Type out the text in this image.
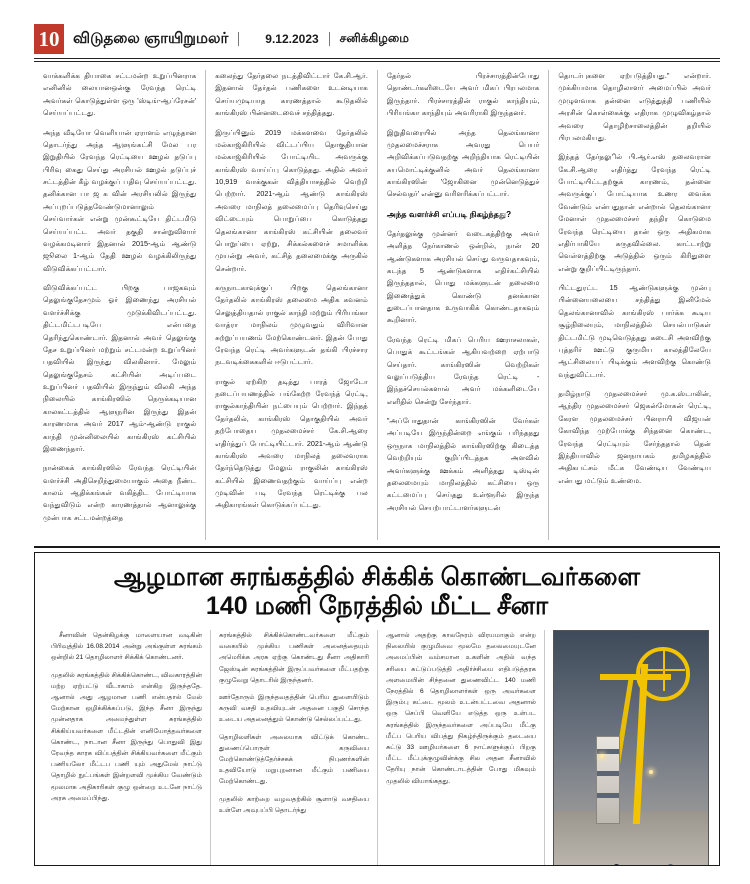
10 விடுதலை ஞாயிறுமலர்	9.12.2023 சனிக்கிழமை

வாக்களிக்க தியாகை சட்டமன்ற உறுப்பினராக எனினில் லையானஒன்கு ரேவந்த ரெட்டி அவர்கள் கொடுத்துள்ள ஒரு 'ஸ்டிங்-ஆப்ரேசன்' செய்யப்பட்டது.

அந்த வீடியோ வெளியான் ஏராளம் எழுந்தான தொடர்ந்து அந்த ஆளுங்கட்சி மேல பர இறுதியில் ரேவந்த ரெட்டியை ஊழல் தடுப்பு பிரிவு கைது செய்து அரசியல் ஊழல் தடுப்புச் சட்டத்தின் கீழ் வழக்குப் பதிவு செய்யப்பட்டது. தனிக்கான பா ஜ க வின் அரசியலில் இருந்து அப்புறப்படுத்தவேண்டுமானாலும் செய்வார்கள் என்று முன்கூட்டியே திட்டமிடு செய்யப்பட்ட அவர் தகுதி சான்றுவிளார் வழக்கமடினார் இதனால் 2015-ஆம் ஆண்டு ஜூலை 1-ஆம் தேதி ஊழல் வழக்கிலிருந்து விடுவிக்கப்பட்டார்.

விடுவிக்கப்பட்ட பிறகு பாஜகவும் தெலுங்குதேசமும் ஓர் இணைந்து அரசியல் வளர்ச்சிக்கு முடுக்கிவிடப்பட்டது. திட்டமிட்டபடியே என்பதை தெரிந்துகொண்டார். இதனால் அவர் தெலுங்கு தேச உறுப்பினர் மற்றும் சட்டமன்ற உறுப்பினர் பதவியில் இருந்து விலகினார். மேலும் தெலுங்குதேசம் கட்சியின் அடிப்படை உறுப்பினர் பதவியில் இருந்தும் விலகி அந்த நிலையில் காங்கிரஸில் நெருக்கடியான காலகட்டத்தில் ஆளுநரின இருந்து இதன் காரணமாக அவர் 2017 ஆம்-ஆண்டு ராகுல் காந்தி முன்னிலையில் காங்கிரஸ் கட்சியில் இணைந்தார்.

நான்கைக் காங்கிரஸில் ரேவந்த ரெட்டியின் வளர்ச்சி அதிசெறிந்துமையாகும் அதை நீண்ட காலம் ஆதிக்கங்கள் வகித்திட போட்டியாக வந்துவிடும் என்ற காரணத்தால் ஆனாலுக்கு முன்பாக சட்டமன்றத்தை

கலைந்து தேர்தலை நடத்திவிட்டார் கே.சி.ஆர். இதனால் தேர்தல் பணிகளை உடனடியாக செய்யமுடியாத காரணத்தால் கூடுதலில் காங்கிரஸ் பின்னடைவைச் சந்தித்தது.

இருப்பினும் 2019 மக்களவை தேர்தலில் மல்காஜ்கிரியில் விட்டப்பிய தொகுதியான மல்காஜ்கிரியில் போட்டியிட அவருக்கு காங்கிரஸ் வாய்ப்பு கொடுத்தது. அதில் அவர் 10,919 வாக்குகள் வித்தியாசத்தில் வெற்றி பெற்றார். 2021-ஆம் ஆண்டு காங்கிரஸ் அவரை மாநிலத் தலைமைப்பு தெரிவுசெய்து விட்டையும் பொறுப்பை கொடுத்தது தெலங்கானா காங்கிரஸ் கட்சியின் தலைவர் பொறுப்பை ஏற்று, சிக்கல்களைச் சமாளிக்க முயன்று அவர், கட்சித் தலைமைக்கு அருகில் சென்றார்.

கருநாடகாவுக்குப் பிறகு தெலங்கானா தேர்தலில் காங்கிரஸ் தலைமை அதிக கவனம் செலுத்தியதால் ராகுல் காந்தி மற்றும் பிரியங்கா வாத்ரா மாநிலம் முழுவதும் விரிவான சுற்றுப்பயணம் மேற்கொண்டனர். இதன் போது ரேவந்த ரெட்டி அவர்களுடன் தங்கி பிரச்சார நடவடிக்கைகளில் ஈடுபட்டார்.

ராகுல் ஏற்கிற தடித்து பாரத் ஜோடோ நடைப்பயணத்தில் பங்கேற்ற ரேவந்த் ரெட்டி, ராகுல்காந்தியின் நட்பையும் பெற்றார். இந்தத் தேர்தலில், காங்கிரஸ் தொகுதியில் அவர் தற்போதைய முதலமைச்சர் கே.சி.ஆரை எதிர்த்துப் போட்டியிட்டார். 2021-ஆம் ஆண்டு காங்கிரஸ் அவரை மாநிலத் தலைவராக தேர்ந்தெடுத்து மேலும் ராகுலின் காங்கிரஸ் கட்சியில் இணைவதற்கும் வாய்ப்பு என்ற முடிவின் படி ரேவந்த ரெட்டிக்கு பல அதிகாரங்கள் கொடுக்கப்பட்டது.

தேர்தல் பிரச்சாரத்தின்போது தொண்டர்களிடையே அவர் மிகப் பிரபலமாக இருந்தார். பிரச்சாரத்தின் ராகுல் காந்தியும், பிரியங்கா காந்தியும் அவரிராகி இருந்தனர்.

இறுதிவரையில் அந்த தெலங்கானா முதலமைச்சராக அவரது பெயர் அறிவிக்கப்படுவதற்கு அறிந்தியாக ரெட்டியின் சுயமொட்டிக்குனில் அவர் தெலங்கானா காங்கிரஸின் 'ஜோகினை முன்னெடுத்துச் செல்வதர்' என்னு வரிளரிக்கப்பட்டார்.

அந்த வளர்ச்சி எப்படி நிகழ்ந்தது?

தேர்தலுக்கு முன்னர் வடைகத்திற்கு அவர் அளித்த நேர்காணல் ஒன்றில், நான் 20 ஆண்டுகளாக அரசியல் செய்து வருவதாகவும், கடந்த 5 ஆண்டுகளாக எதிர்கட்சியில் இருந்ததால், பொது மக்களுடன் தலைமை இணைத்துக் கொண்டு தனக்கான துடைப்பானதாக உருவாகிக் கொண்டதாகவும் கூறினார்.

ரேவந்த ரெட்டி மிகப் பெரிய ஊராசலாகள், பொதுக் கூட்டங்கள் ஆகியவற்றை ஏற்பாடு செய்தார். காங்கிரஸின் வெற்றிகள் வலுப்படுத்திய ரேவந்த ரெட்டி - இந்தச்செயல்களால் அவர் மக்களிடையே எளிதில் சென்று சேர்ந்தார்.

"அப்போதுதான் காங்கிரஸின் வேர்கள் அப்படியே இருந்தின்றை எங்கும் பரிந்ததது ஒருநாக மாநிலத்தில் காங்கிரஸிற்கு கிடைத்த வெற்றியும் குறிப்பிடத்தக அளவில் அவர்களுக்கு ஊக்கம் அளித்தது டிஸ்டின் தலைமையும் மாநிலத்தில் கட்சியை ஒரு கட்டமைப்பு செய்தது உள்ளூரில் இருந்த அரசியல் செயற்பாட்டாளர்களுடன்

தொடர்புகளை ஏற்படுத்தியது." என்றார். முக்கியமாக தொழிலாளர் அமைப்பில் அவர் முழுளவாக தன்னை எடுத்துத்தி பணியில் அரசின் கொள்கைக்கு எதிராக முழுவிகழ்தால் அவரை தொழிற்சாலைத்தின் தறியில் பிரபலமகியது.

இந்தத் தேர்தலுில் பி.ஆர்.எஸ் தலைவரான கே.சி.ஆரை எதிர்த்து ரேவந்த ரெட்டி போட்டியிட்டதற்குக் காரணம், தன்னை அவருக்குப் போட்டியாக உணர வைக்க வேண்டும் என்பதுதான் என்றால் தெலங்கானா மேனாள் முதலமைச்சர் தந்திர கொடுமை ரேவந்த ரெட்டியை தான் ஒரு அதிகமாக எதிர்பாகியே கருதவில்லை. காட்டாற்று வெள்ளத்திற்கு அடுத்தில் ஒரும் கிரிதுளை என்று குறிப்பிட்டிருந்தார்.

பிட்டதுரட்ட 15 ஆண்டுகளுக்கு முன்பு பின்னையலையை சந்தித்து இனிமேல் தெலங்கானாவில் காங்கிரஸ் பார்க்க கூடிய சூழ்நிலையும், மாநிலத்தில் செயல்பாடுகள் திட்டமிட்டு முடிவெடுத்தது கடைசி அளவிற்கு புத்தரிர் ஊட்டு குருமிய காலத்திலேயே ஆட்சிலையப் பிடிக்கும் அளவிற்கு கொண்டு வந்துவிட்டார்.

தமிழ்நாடு முதலமைச்சர் மு.க.ஸ்டாலின், ஆந்திர முதலமைச்சர் ஜெகன்மோகன் ரெட்டி, கேரள முதலமைச்சர் பினராயி விஜயன் கோவிந்த முற்போக்கு சிந்தனை கொண்ட, ரேவந்த ரெட்டியும் சேர்ந்ததால் தென் இந்தியாவில் ஜனநாயகம் தமிழகத்தில் அதிகபட்சம் மீட்க வேண்டிய வேண்டிய என்பது மட்டும் உண்மை.

ஆழமான சுரங்கத்தில் சிக்கிக் கொண்டவர்களை
140 மணி நேரத்தில் மீட்ட சீனா

சீனாவின் தென்கிழக்கு மாளையான வடிகின் பிரிவுத்தில் 16.08.2014 அன்று அங்குள்ள சுரங்கம் ஒன்றில் 21 தொழிலாளர் சிக்கிக் கொண்டனர்.

முதலில் சுரங்கத்தில் சிக்கிக்கொண்ட, விவகாரத்தின் மற்ற ஏற்பட்டு வீடாகாம் என்கிற இருந்ததே. ஆனால் அது ஆழமான பணி என்பதால் மேல் மேற்கான ஒழிக்கிக்கப்படு, இந்த சீனா இருந்து முன்னதாக அமைந்துள்ள சுரங்கத்தில் சிக்கிய்யவர்களை மீட்டதின் எனியோத்தவர்களை கொண்ட, நாடான சீனா இருந்து பொதுவி இது ரேவந்த காரக விப்பத்தின் சிக்கியவர்களை மீட்கும் பணியலோ மீட்டப பணி யும் அதுமேல் நாட்டு தொழில் நுட்பங்கள் இன்றளவி முக்கிய வேண்டும் மூலமாக அதிகாரிகள் குழு ஒன்றை உடனே நாட்டு அரசு அமைப்பிந்து.

சுரங்கத்தில் சிக்கிக்கொண்டவர்களை மீட்கும் வகையில் முக்கிய பணிகள் அனைத்தையும் அமெரிக்க அரசு ஏற்கு கொண்டது சீனா அதிகாரி ஜேஸ்டின் சுரங்கத்தின் இருப்பவர்களை மீட்பதற்கு குழுவேறு தொடரில் இருந்தனர்.

ஊர்தோரும் இருந்தவதத்தின் பெரிய துளையிடும் கருவி வசதி உதவியுடன் அதனை பகுதி சொந்த உடைய அதனைத்தும் கொண்டு செல்லப்பட்டது.

தொழிலளிகள் அலையாக விட்டுக் கொண்ட துணைப்பொருள் கருவியை மேற்கொண்டுத்தேர்ச்சகக் நிபுணர்களின் உதவியோடு மறுபுறனான மீட்கும் பணியை மேற்கொண்டது.

முதலில் காற்றை வழவதற்கில் சூளாடு வசதியை உள்ளே அவுபப்பி தொடர்ந்து

ஆனால் அதற்கு காலநேரம் விரயமாகும் என்ற நிலையில் குழுமிவை மூலமே தலைமையுடனே அமைப்பின் வம்சமான உகளின் அதில் வந்த சரியை கட்டுப்படுத்தி அதிர்ச்சியை எதிபடுத்தரக அளமையின் சிந்தனை துணைவிட்ட 140 மணி நேரத்தில் 6 தொழிலாளர்கள் ஒரு அவர்களை இரும்பு கட்டை மூலம் உடன்பட்டவை அதனால் ஒரு செப்பி வெளியே எடுத்த ஒரு உள்பட சுரங்கத்தில் இருந்தவர்களை அப்படியே மீட்கு மீட்ப பெரிய விபத்து நிகழ்ந்திருக்கும் தடையை சுட்டு 33 ஊழியர்களை 6 நாட்களுக்குப் பிறகு மீட்ட மீட்புக்குழுவின்க்கு சில அதன சீனாவில் தேரியு நான் கொண்டாடத்தின் போது மிகவும் முதலில் வியாங்கதது.
